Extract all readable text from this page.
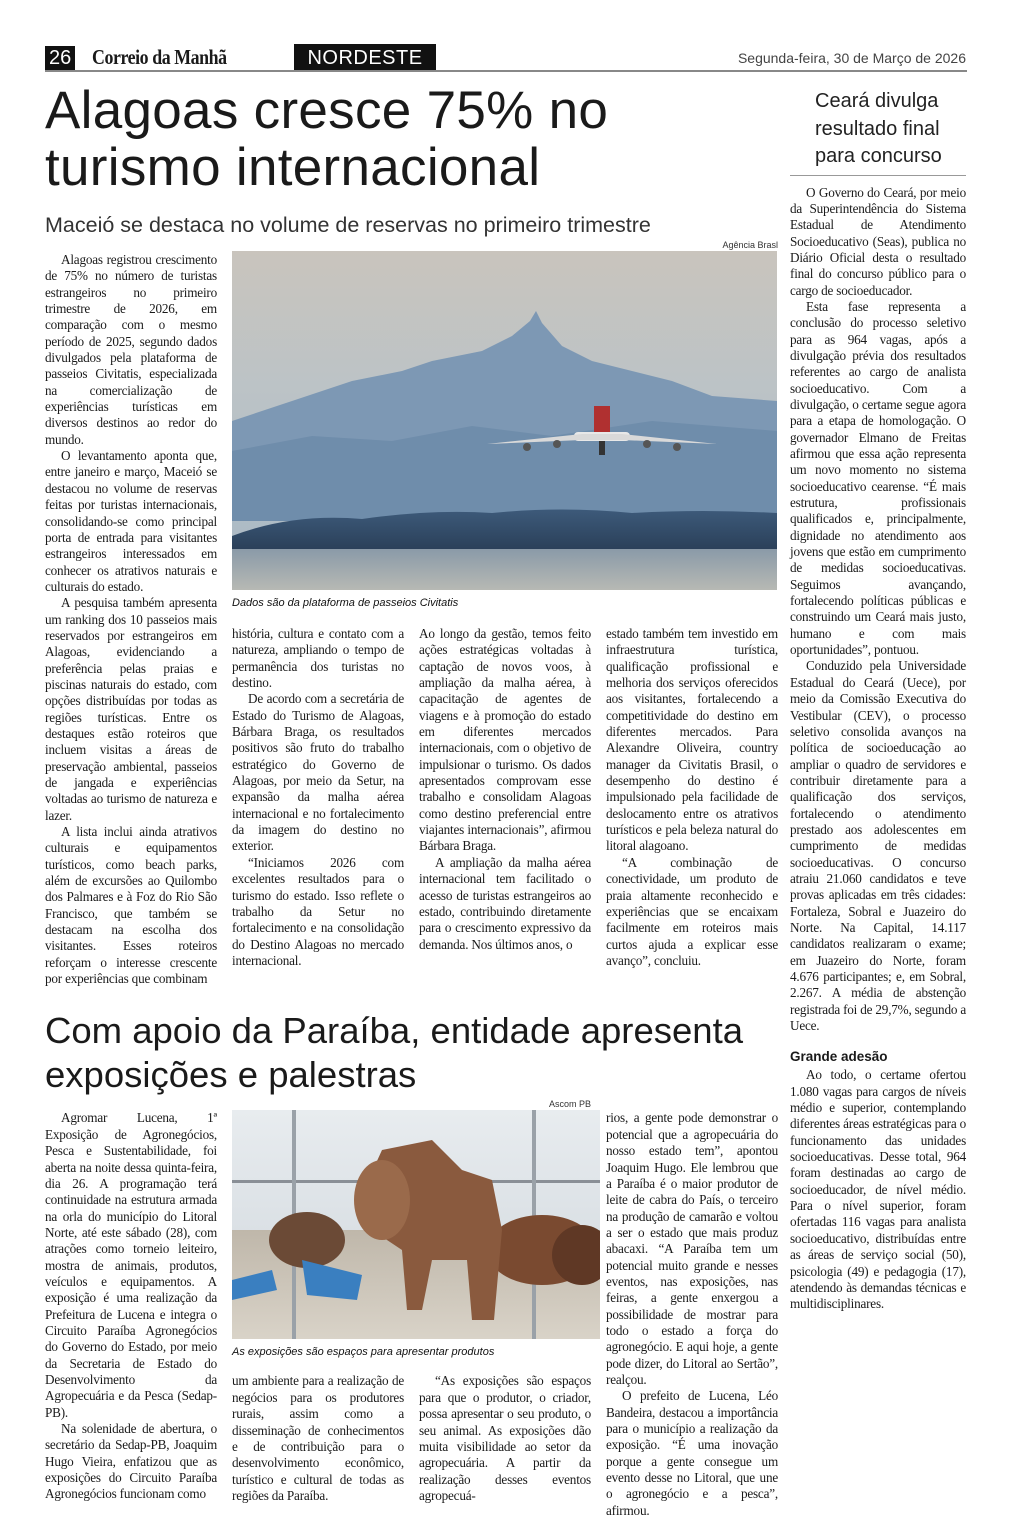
26 Correio da Manhã	NORDESTE	Segunda-feira, 30 de Março de 2026
Alagoas cresce 75% no turismo internacional
Maceió se destaca no volume de reservas no primeiro trimestre

Alagoas registrou crescimento de 75% no número de turistas estrangeiros no primeiro trimestre de 2026, em comparação com o mesmo período de 2025, segundo dados divulgados pela plataforma de passeios Civitatis, especializada na comercialização de experiências turísticas em diversos destinos ao redor do mundo.

O levantamento aponta que, entre janeiro e março, Maceió se destacou no volume de reservas feitas por turistas internacionais, consolidando-se como principal porta de entrada para visitantes estrangeiros interessados em conhecer os atrativos naturais e culturais do estado.

A pesquisa também apresenta um ranking dos 10 passeios mais reservados por estrangeiros em Alagoas, evidenciando a preferência pelas praias e piscinas naturais do estado, com opções distribuídas por todas as regiões turísticas. Entre os destaques estão roteiros que incluem visitas a áreas de preservação ambiental, passeios de jangada e experiências voltadas ao turismo de natureza e lazer.

A lista inclui ainda atrativos culturais e equipamentos turísticos, como beach parks, além de excursões ao Quilombo dos Palmares e à Foz do Rio São Francisco, que também se destacam na escolha dos visitantes. Esses roteiros reforçam o interesse crescente por experiências que combinam

Agência Brasl
Dados são da plataforma de passeios Civitatis

história, cultura e contato com a natureza, ampliando o tempo de permanência dos turistas no destino.

De acordo com a secretária de Estado do Turismo de Alagoas, Bárbara Braga, os resultados positivos são fruto do trabalho estratégico do Governo de Alagoas, por meio da Setur, na expansão da malha aérea internacional e no fortalecimento da imagem do destino no exterior.

“Iniciamos 2026 com excelentes resultados para o turismo do estado. Isso reflete o trabalho da Setur no fortalecimento e na consolidação do Destino Alagoas no mercado internacional.

Ao longo da gestão, temos feito ações estratégicas voltadas à captação de novos voos, à ampliação da malha aérea, à capacitação de agentes de viagens e à promoção do estado em diferentes mercados internacionais, com o objetivo de impulsionar o turismo. Os dados apresentados comprovam esse trabalho e consolidam Alagoas como destino preferencial entre viajantes internacionais”, afirmou Bárbara Braga.

A ampliação da malha aérea internacional tem facilitado o acesso de turistas estrangeiros ao estado, contribuindo diretamente para o crescimento expressivo da demanda. Nos últimos anos, o

estado também tem investido em infraestrutura turística, qualificação profissional e melhoria dos serviços oferecidos aos visitantes, fortalecendo a competitividade do destino em diferentes mercados. Para Alexandre Oliveira, country manager da Civitatis Brasil, o desempenho do destino é impulsionado pela facilidade de deslocamento entre os atrativos turísticos e pela beleza natural do litoral alagoano.

“A combinação de conectividade, um produto de praia altamente reconhecido e experiências que se encaixam facilmente em roteiros mais curtos ajuda a explicar esse avanço”, concluiu.

Com apoio da Paraíba, entidade apresenta exposições e palestras

Agromar Lucena, 1ª Exposição de Agronegócios, Pesca e Sustentabilidade, foi aberta na noite dessa quinta-feira, dia 26. A programação terá continuidade na estrutura armada na orla do município do Litoral Norte, até este sábado (28), com atrações como torneio leiteiro, mostra de animais, produtos, veículos e equipamentos. A exposição é uma realização da Prefeitura de Lucena e integra o Circuito Paraíba Agronegócios do Governo do Estado, por meio da Secretaria de Estado do Desenvolvimento da Agropecuária e da Pesca (Sedap-PB).

Na solenidade de abertura, o secretário da Sedap-PB, Joaquim Hugo Vieira, enfatizou que as exposições do Circuito Paraíba Agronegócios funcionam como

Ascom PB
As exposições são espaços para apresentar produtos

um ambiente para a realização de negócios para os produtores rurais, assim como a disseminação de conhecimentos e de contribuição para o desenvolvimento econômico, turístico e cultural de todas as regiões da Paraíba.

“As exposições são espaços para que o produtor, o criador, possa apresentar o seu produto, o seu animal. As exposições dão muita visibilidade ao setor da agropecuária. A partir da realização desses eventos agropecuá-

rios, a gente pode demonstrar o potencial que a agropecuária do nosso estado tem”, apontou Joaquim Hugo. Ele lembrou que a Paraíba é o maior produtor de leite de cabra do País, o terceiro na produção de camarão e voltou a ser o estado que mais produz abacaxi. “A Paraíba tem um potencial muito grande e nesses eventos, nas exposições, nas feiras, a gente enxergou a possibilidade de mostrar para todo o estado a força do agronegócio. E aqui hoje, a gente pode dizer, do Litoral ao Sertão”, realçou.

O prefeito de Lucena, Léo Bandeira, destacou a importância para o município a realização da exposição. “É uma inovação porque a gente consegue um evento desse no Litoral, que une o agronegócio e a pesca”, afirmou.

Ceará divulga resultado final para concurso

O Governo do Ceará, por meio da Superintendência do Sistema Estadual de Atendimento Socioeducativo (Seas), publica no Diário Oficial desta o resultado final do concurso público para o cargo de socioeducador.

Esta fase representa a conclusão do processo seletivo para as 964 vagas, após a divulgação prévia dos resultados referentes ao cargo de analista socioeducativo. Com a divulgação, o certame segue agora para a etapa de homologação. O governador Elmano de Freitas afirmou que essa ação representa um novo momento no sistema socioeducativo cearense. “É mais estrutura, profissionais qualificados e, principalmente, dignidade no atendimento aos jovens que estão em cumprimento de medidas socioeducativas. Seguimos avançando, fortalecendo políticas públicas e construindo um Ceará mais justo, humano e com mais oportunidades”, pontuou.

Conduzido pela Universidade Estadual do Ceará (Uece), por meio da Comissão Executiva do Vestibular (CEV), o processo seletivo consolida avanços na política de socioeducação ao ampliar o quadro de servidores e contribuir diretamente para a qualificação dos serviços, fortalecendo o atendimento prestado aos adolescentes em cumprimento de medidas socioeducativas. O concurso atraiu 21.060 candidatos e teve provas aplicadas em três cidades: Fortaleza, Sobral e Juazeiro do Norte. Na Capital, 14.117 candidatos realizaram o exame; em Juazeiro do Norte, foram 4.676 participantes; e, em Sobral, 2.267. A média de abstenção registrada foi de 29,7%, segundo a Uece.

Grande adesão

Ao todo, o certame ofertou 1.080 vagas para cargos de níveis médio e superior, contemplando diferentes áreas estratégicas para o funcionamento das unidades socioeducativas. Desse total, 964 foram destinadas ao cargo de socioeducador, de nível médio. Para o nível superior, foram ofertadas 116 vagas para analista socioeducativo, distribuídas entre as áreas de serviço social (50), psicologia (49) e pedagogia (17), atendendo às demandas técnicas e multidisciplinares.
